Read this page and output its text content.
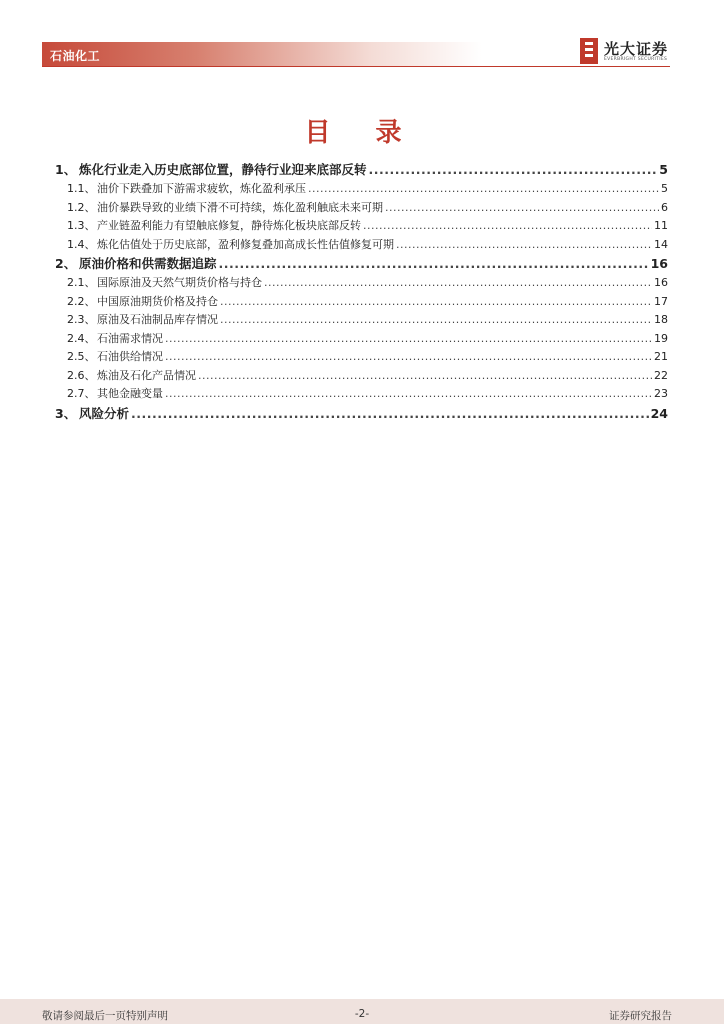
石油化工	光大证券
EVERBRIGHT SECURITIES
目 录
1、 炼化行业走入历史底部位置，静待行业迎来底部反转 .....	5
1.1、 油价下跌叠加下游需求疲软，炼化盈利承压 .....	5
1.2、 油价暴跌导致的业绩下滑不可持续，炼化盈利触底未来可期 .....	6
1.3、 产业链盈利能力有望触底修复，静待炼化板块底部反转 .....	11
1.4、 炼化估值处于历史底部，盈利修复叠加高成长性估值修复可期 .....	14
2、 原油价格和供需数据追踪 .....	16
2.1、 国际原油及天然气期货价格与持仓 .....	16
2.2、 中国原油期货价格及持仓 .....	17
2.3、 原油及石油制品库存情况 .....	18
2.4、 石油需求情况 .....	19
2.5、 石油供给情况 .....	21
2.6、 炼油及石化产品情况 .....	22
2.7、 其他金融变量 .....	23
3、 风险分析 .....	24
敬请参阅最后一页特别声明	-2-	证券研究报告
